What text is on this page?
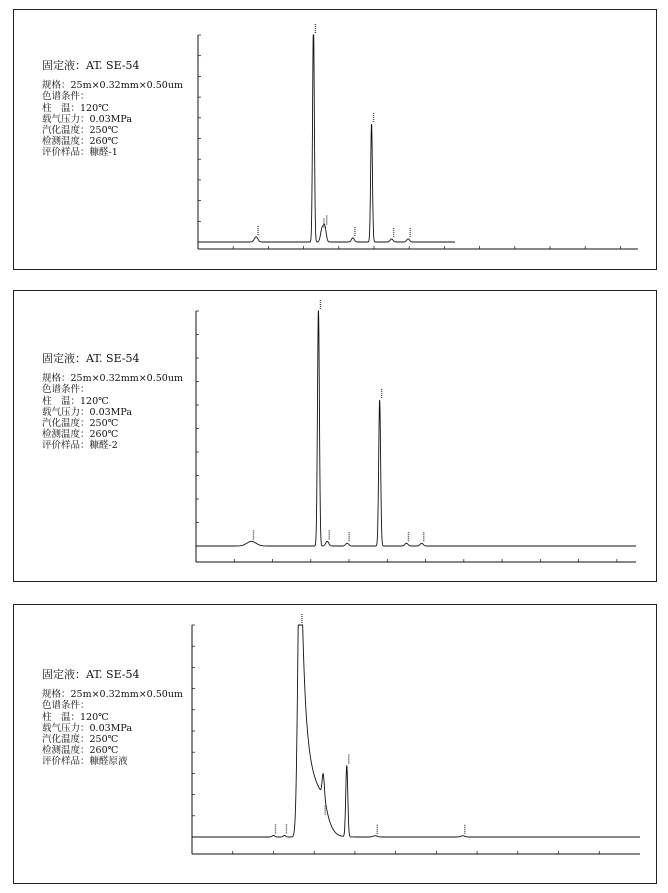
固定液：AT. SE-54
规格：25m×0.32mm×0.50um
色谱条件：
柱　温：120℃
载气压力：0.03MPa
汽化温度：250℃
检测温度：260℃
评价样品：糠醛-1
固定液：AT. SE-54
规格：25m×0.32mm×0.50um
色谱条件：
柱　温：120℃
载气压力：0.03MPa
汽化温度：250℃
检测温度：260℃
评价样品：糠醛-2
固定液：AT. SE-54
规格：25m×0.32mm×0.50um
色谱条件：
柱　温：120℃
载气压力：0.03MPa
汽化温度：250℃
检测温度：260℃
评价样品：糠醛原液
